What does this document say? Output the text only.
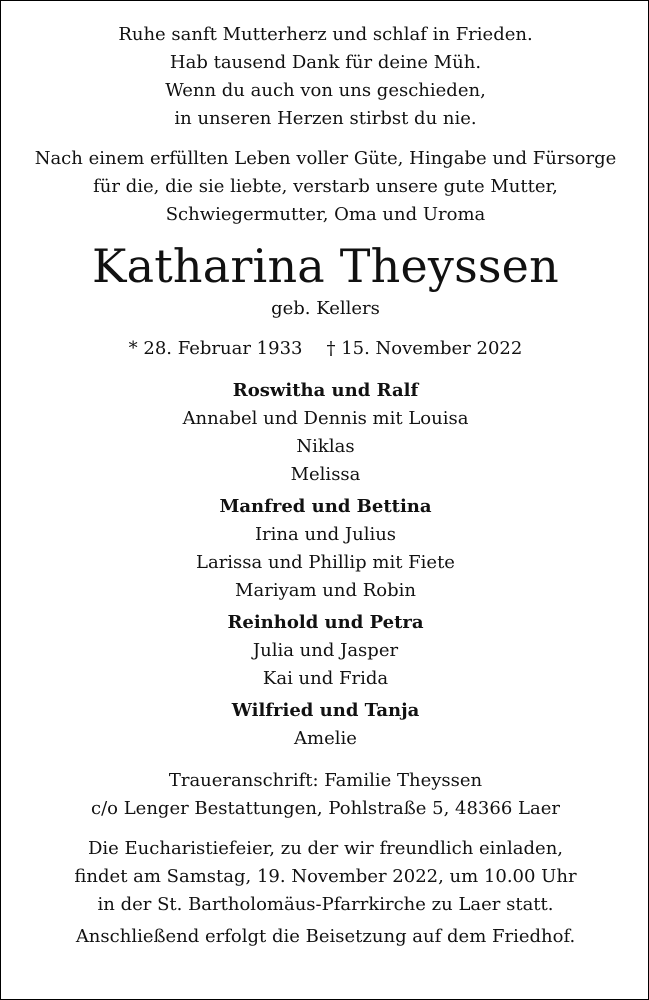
Ruhe sanft Mutterherz und schlaf in Frieden.
Hab tausend Dank für deine Müh.
Wenn du auch von uns geschieden,
in unseren Herzen stirbst du nie.
Nach einem erfüllten Leben voller Güte, Hingabe und Fürsorge
für die, die sie liebte, verstarb unsere gute Mutter,
Schwiegermutter, Oma und Uroma
Katharina Theyssen
geb. Kellers
* 28. Februar 1933 † 15. November 2022
Roswitha und Ralf
Annabel und Dennis mit Louisa
Niklas
Melissa
Manfred und Bettina
Irina und Julius
Larissa und Phillip mit Fiete
Mariyam und Robin
Reinhold und Petra
Julia und Jasper
Kai und Frida
Wilfried und Tanja
Amelie
Traueranschrift: Familie Theyssen
c/o Lenger Bestattungen, Pohlstraße 5, 48366 Laer
Die Eucharistiefeier, zu der wir freundlich einladen,
findet am Samstag, 19. November 2022, um 10.00 Uhr
in der St. Bartholomäus-Pfarrkirche zu Laer statt.
Anschließend erfolgt die Beisetzung auf dem Friedhof.
